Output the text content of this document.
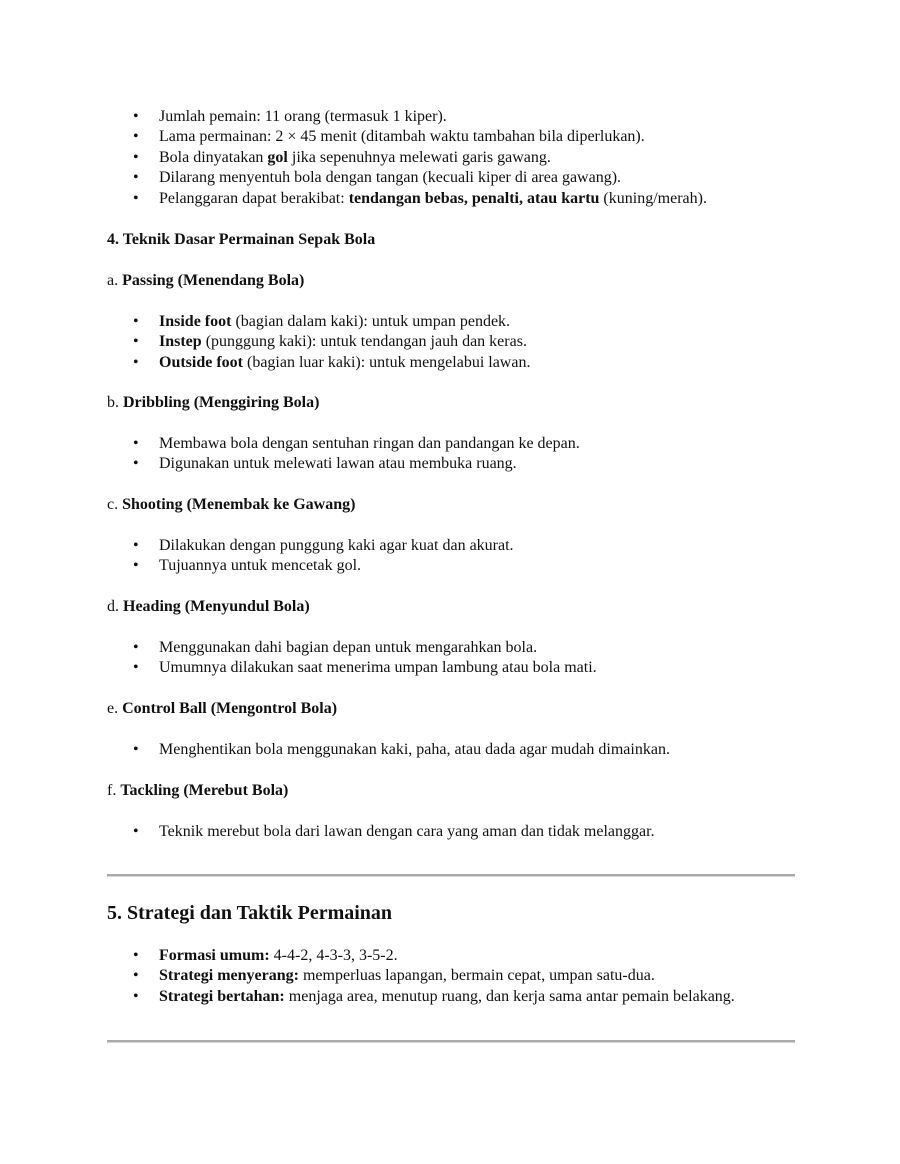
• Jumlah pemain: 11 orang (termasuk 1 kiper).
• Lama permainan: 2 × 45 menit (ditambah waktu tambahan bila diperlukan).
• Bola dinyatakan gol jika sepenuhnya melewati garis gawang.
• Dilarang menyentuh bola dengan tangan (kecuali kiper di area gawang).
• Pelanggaran dapat berakibat: tendangan bebas, penalti, atau kartu (kuning/merah).
4. Teknik Dasar Permainan Sepak Bola
a. Passing (Menendang Bola)
• Inside foot (bagian dalam kaki): untuk umpan pendek.
• Instep (punggung kaki): untuk tendangan jauh dan keras.
• Outside foot (bagian luar kaki): untuk mengelabui lawan.
b. Dribbling (Menggiring Bola)
• Membawa bola dengan sentuhan ringan dan pandangan ke depan.
• Digunakan untuk melewati lawan atau membuka ruang.
c. Shooting (Menembak ke Gawang)
• Dilakukan dengan punggung kaki agar kuat dan akurat.
• Tujuannya untuk mencetak gol.
d. Heading (Menyundul Bola)
• Menggunakan dahi bagian depan untuk mengarahkan bola.
• Umumnya dilakukan saat menerima umpan lambung atau bola mati.
e. Control Ball (Mengontrol Bola)
• Menghentikan bola menggunakan kaki, paha, atau dada agar mudah dimainkan.
f. Tackling (Merebut Bola)
• Teknik merebut bola dari lawan dengan cara yang aman dan tidak melanggar.
5. Strategi dan Taktik Permainan
• Formasi umum: 4-4-2, 4-3-3, 3-5-2.
• Strategi menyerang: memperluas lapangan, bermain cepat, umpan satu-dua.
• Strategi bertahan: menjaga area, menutup ruang, dan kerja sama antar pemain belakang.
